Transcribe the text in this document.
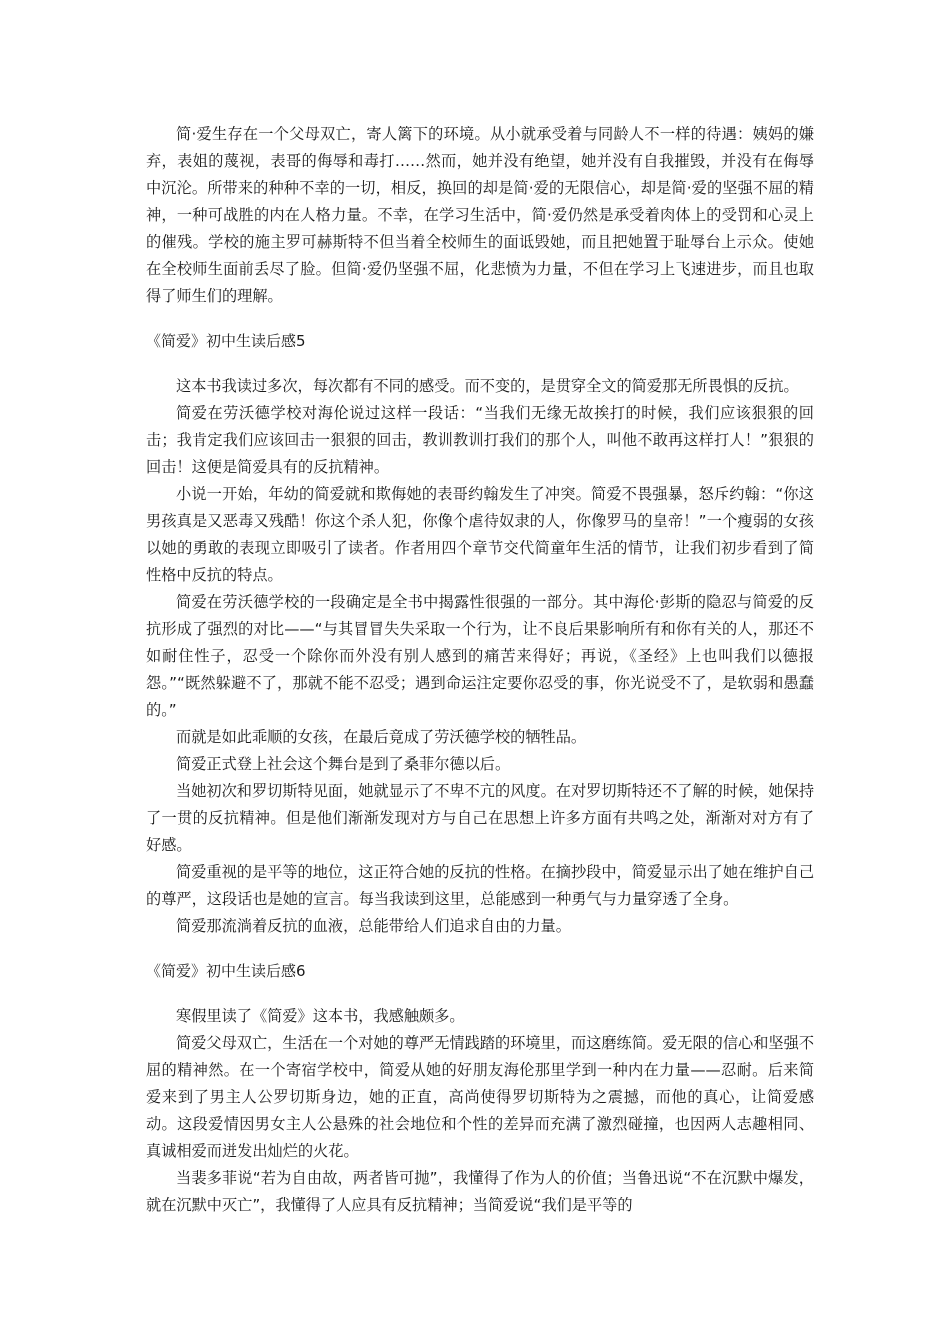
简·爱生存在一个父母双亡，寄人篱下的环境。从小就承受着与同龄人不一样的待遇：姨妈的嫌弃，表姐的蔑视，表哥的侮辱和毒打……然而，她并没有绝望，她并没有自我摧毁，并没有在侮辱中沉沦。所带来的种种不幸的一切，相反，换回的却是简·爱的无限信心，却是简·爱的坚强不屈的精神，一种可战胜的内在人格力量。不幸，在学习生活中，简·爱仍然是承受着肉体上的受罚和心灵上的催残。学校的施主罗可赫斯特不但当着全校师生的面诋毁她，而且把她置于耻辱台上示众。使她在全校师生面前丢尽了脸。但简·爱仍坚强不屈，化悲愤为力量，不但在学习上飞速进步，而且也取得了师生们的理解。

《简爱》初中生读后感5

这本书我读过多次，每次都有不同的感受。而不变的，是贯穿全文的简爱那无所畏惧的反抗。

简爱在劳沃德学校对海伦说过这样一段话：“当我们无缘无故挨打的时候，我们应该狠狠的回击；我肯定我们应该回击一狠狠的回击，教训教训打我们的那个人，叫他不敢再这样打人！”狠狠的回击！这便是简爱具有的反抗精神。

小说一开始，年幼的简爱就和欺侮她的表哥约翰发生了冲突。简爱不畏强暴，怒斥约翰：“你这男孩真是又恶毒又残酷！你这个杀人犯，你像个虐待奴隶的人，你像罗马的皇帝！”一个瘦弱的女孩以她的勇敢的表现立即吸引了读者。作者用四个章节交代简童年生活的情节，让我们初步看到了简性格中反抗的特点。

简爱在劳沃德学校的一段确定是全书中揭露性很强的一部分。其中海伦·彭斯的隐忍与简爱的反抗形成了强烈的对比——“与其冒冒失失采取一个行为，让不良后果影响所有和你有关的人，那还不如耐住性子，忍受一个除你而外没有别人感到的痛苦来得好；再说，《圣经》上也叫我们以德报怨。”“既然躲避不了，那就不能不忍受；遇到命运注定要你忍受的事，你光说受不了，是软弱和愚蠢的。”

而就是如此乖顺的女孩，在最后竟成了劳沃德学校的牺牲品。

简爱正式登上社会这个舞台是到了桑菲尔德以后。

当她初次和罗切斯特见面，她就显示了不卑不亢的风度。在对罗切斯特还不了解的时候，她保持了一贯的反抗精神。但是他们渐渐发现对方与自己在思想上许多方面有共鸣之处，渐渐对对方有了好感。

简爱重视的是平等的地位，这正符合她的反抗的性格。在摘抄段中，简爱显示出了她在维护自己的尊严，这段话也是她的宣言。每当我读到这里，总能感到一种勇气与力量穿透了全身。

简爱那流淌着反抗的血液，总能带给人们追求自由的力量。

《简爱》初中生读后感6

寒假里读了《简爱》这本书，我感触颇多。

简爱父母双亡，生活在一个对她的尊严无情践踏的环境里，而这磨练简。爱无限的信心和坚强不屈的精神然。在一个寄宿学校中，简爱从她的好朋友海伦那里学到一种内在力量——忍耐。后来简爱来到了男主人公罗切斯身边，她的正直，高尚使得罗切斯特为之震撼，而他的真心，让简爱感动。这段爱情因男女主人公悬殊的社会地位和个性的差异而充满了激烈碰撞，也因两人志趣相同、真诚相爱而迸发出灿烂的火花。

当裴多菲说“若为自由故，两者皆可抛”，我懂得了作为人的价值；当鲁迅说“不在沉默中爆发，就在沉默中灭亡”，我懂得了人应具有反抗精神；当简爱说“我们是平等的
